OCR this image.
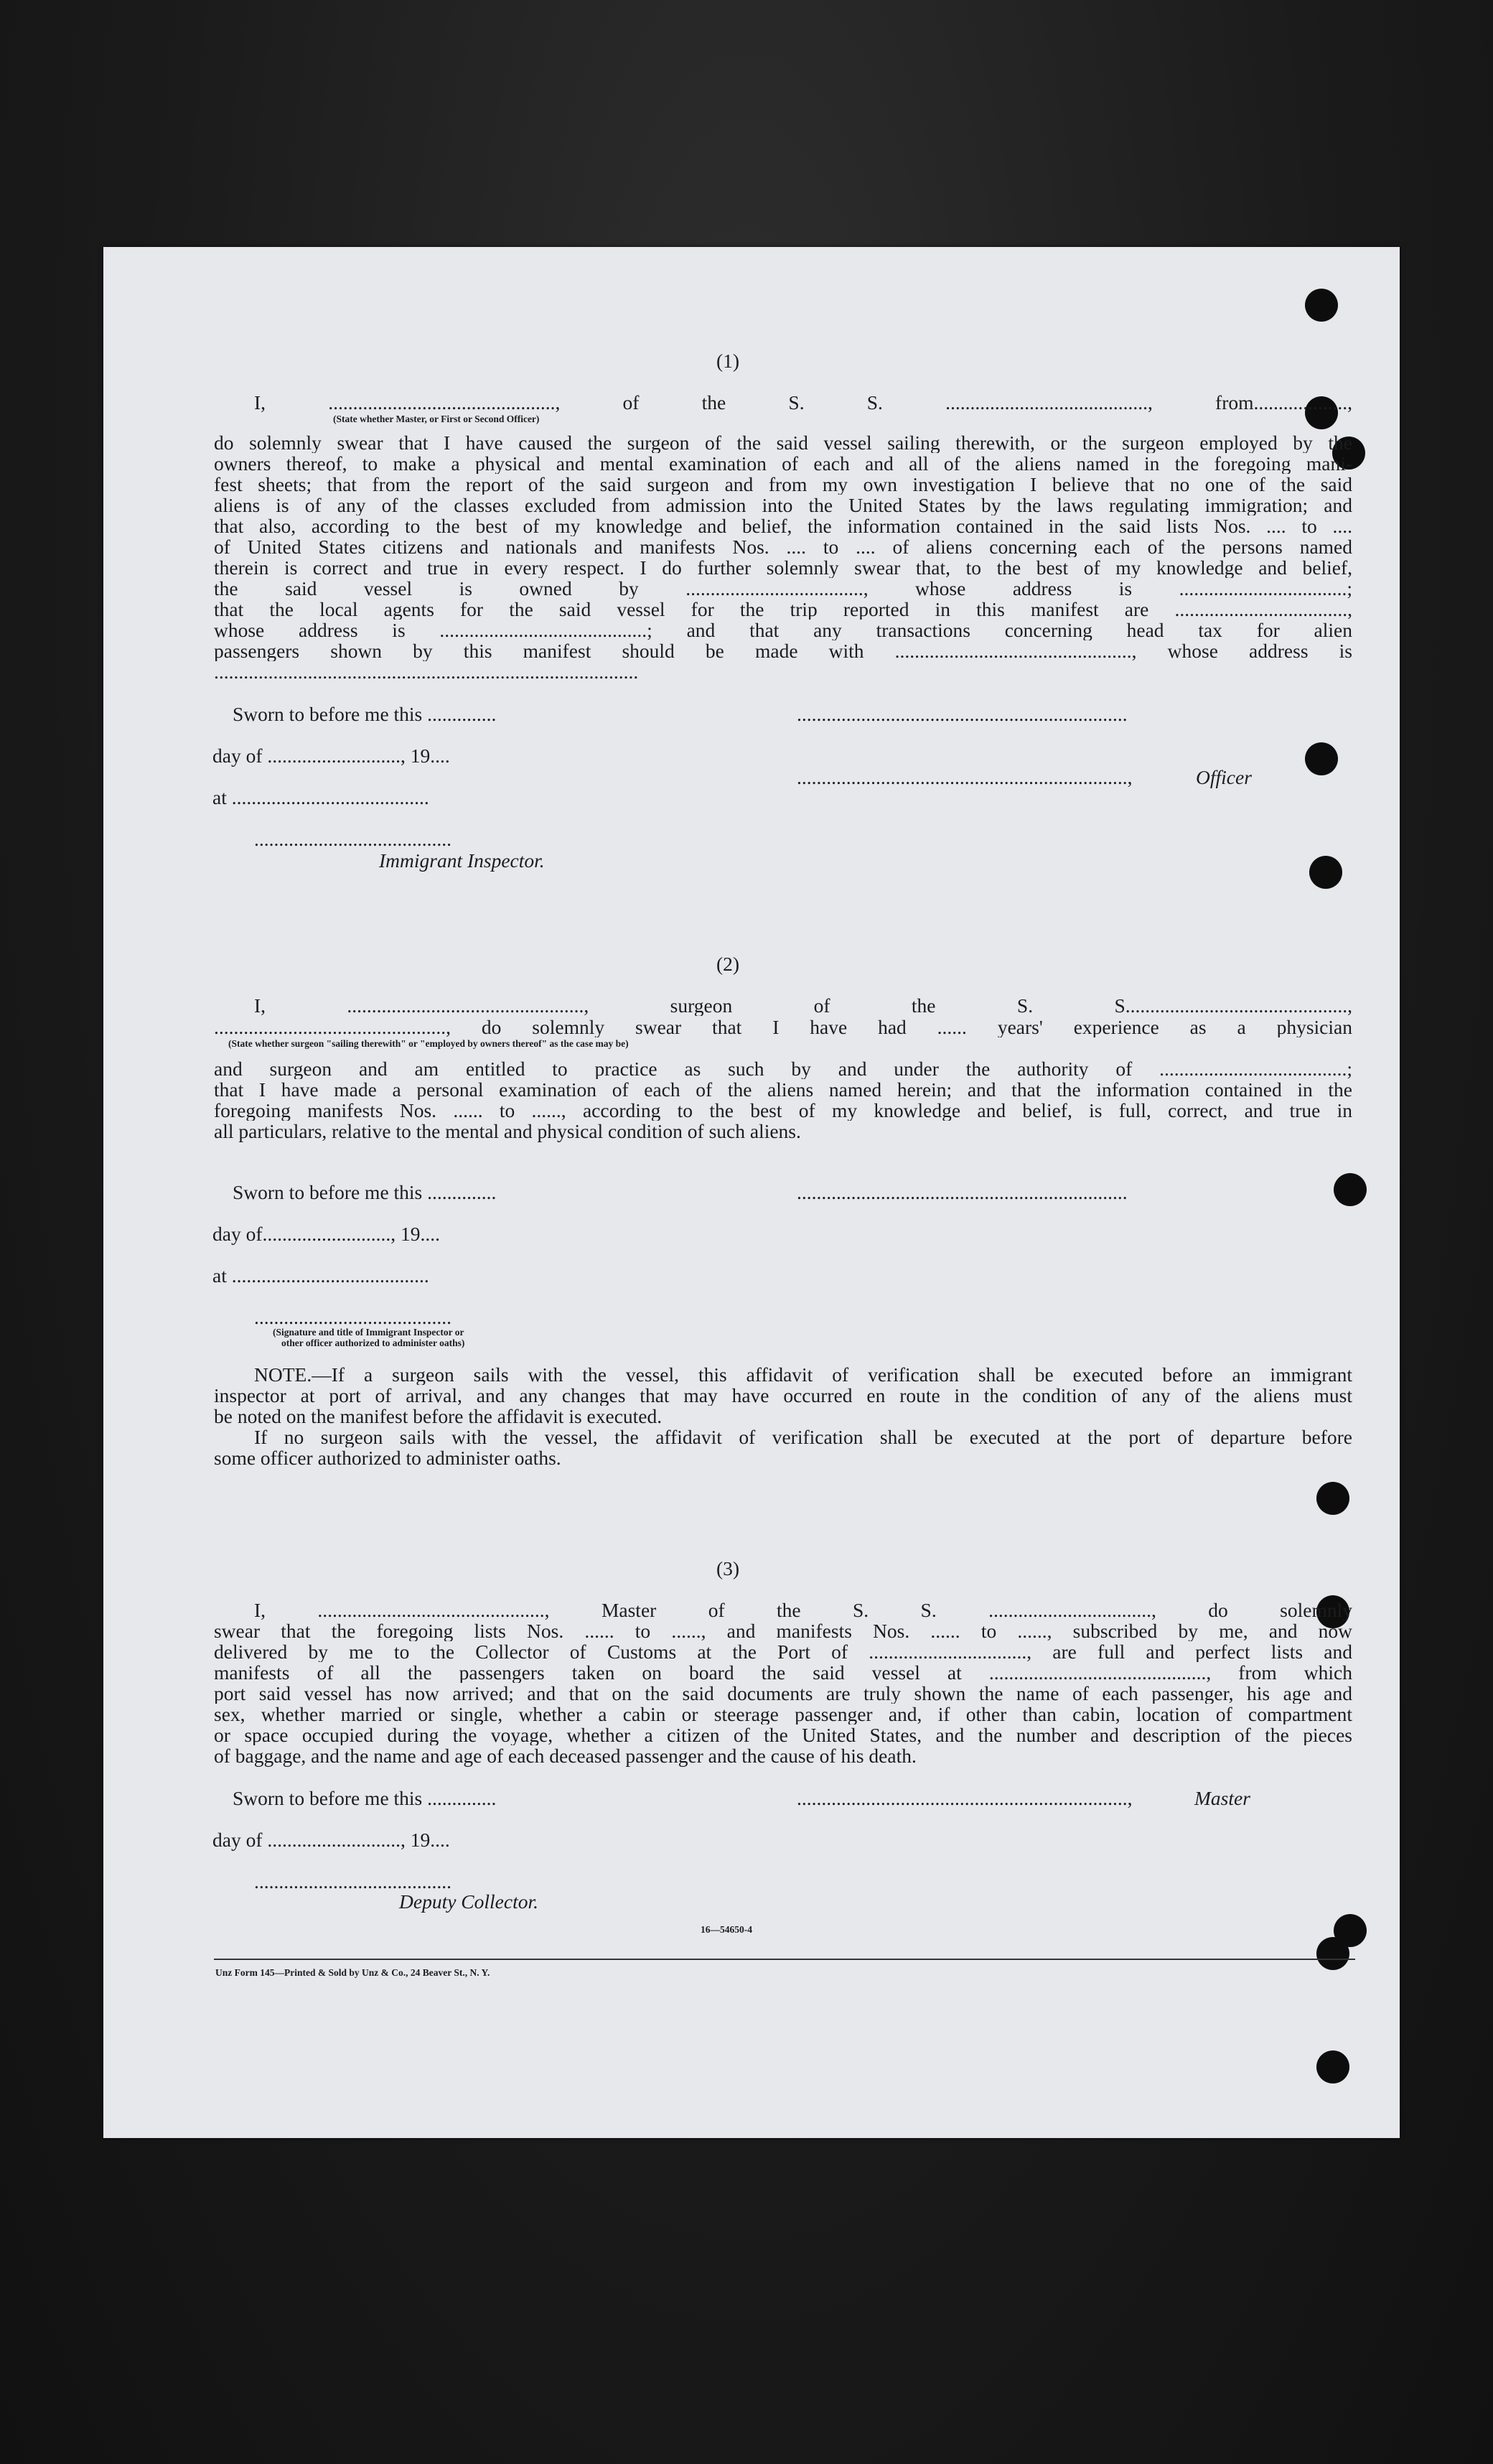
(1)
I, .............................................., of the S. S. ........................................., from...................,
(State whether Master, or First or Second Officer)
do solemnly swear that I have caused the surgeon of the said vessel sailing therewith, or the surgeon employed by the
owners thereof, to make a physical and mental examination of each and all of the aliens named in the foregoing mani-
fest sheets; that from the report of the said surgeon and from my own investigation I believe that no one of the said
aliens is of any of the classes excluded from admission into the United States by the laws regulating immigration; and
that also, according to the best of my knowledge and belief, the information contained in the said lists Nos. .... to ....
of United States citizens and nationals and manifests Nos. .... to .... of aliens concerning each of the persons named
therein is correct and true in every respect. I do further solemnly swear that, to the best of my knowledge and belief,
the said vessel is owned by ...................................., whose address is ..................................;
that the local agents for the said vessel for the trip reported in this manifest are ...................................,
whose address is ..........................................; and that any transactions concerning head tax for alien
passengers shown by this manifest should be made with ................................................, whose address is
......................................................................................
Sworn to before me this ..............
day of ..........................., 19....
at ........................................
........................................
Immigrant Inspector.
...................................................................
...................................................................,	Officer
(2)
I, ................................................, surgeon of the S. S.............................................,
..............................................., do solemnly swear that I have had ...... years' experience as a physician
(State whether surgeon "sailing therewith" or "employed by owners thereof" as the case may be)
and surgeon and am entitled to practice as such by and under the authority of ......................................;
that I have made a personal examination of each of the aliens named herein; and that the information contained in the
foregoing manifests Nos. ...... to ......, according to the best of my knowledge and belief, is full, correct, and true in
all particulars, relative to the mental and physical condition of such aliens.
Sworn to before me this ..............	...................................................................
day of.........................., 19....
at ........................................
........................................
(Signature and title of Immigrant Inspector or
other officer authorized to administer oaths)
NOTE.—If a surgeon sails with the vessel, this affidavit of verification shall be executed before an immigrant
inspector at port of arrival, and any changes that may have occurred en route in the condition of any of the aliens must
be noted on the manifest before the affidavit is executed.
If no surgeon sails with the vessel, the affidavit of verification shall be executed at the port of departure before
some officer authorized to administer oaths.
(3)
I, .............................................., Master of the S. S. ................................., do solemnly
swear that the foregoing lists Nos. ...... to ......, and manifests Nos. ...... to ......, subscribed by me, and now
delivered by me to the Collector of Customs at the Port of ................................, are full and perfect lists and
manifests of all the passengers taken on board the said vessel at ............................................, from which
port said vessel has now arrived; and that on the said documents are truly shown the name of each passenger, his age and
sex, whether married or single, whether a cabin or steerage passenger and, if other than cabin, location of compartment
or space occupied during the voyage, whether a citizen of the United States, and the number and description of the pieces
of baggage, and the name and age of each deceased passenger and the cause of his death.
Sworn to before me this ..............	...................................................................,	Master
day of ..........................., 19....
........................................
Deputy Collector.
16—54650-4
Unz Form 145—Printed & Sold by Unz & Co., 24 Beaver St., N. Y.
